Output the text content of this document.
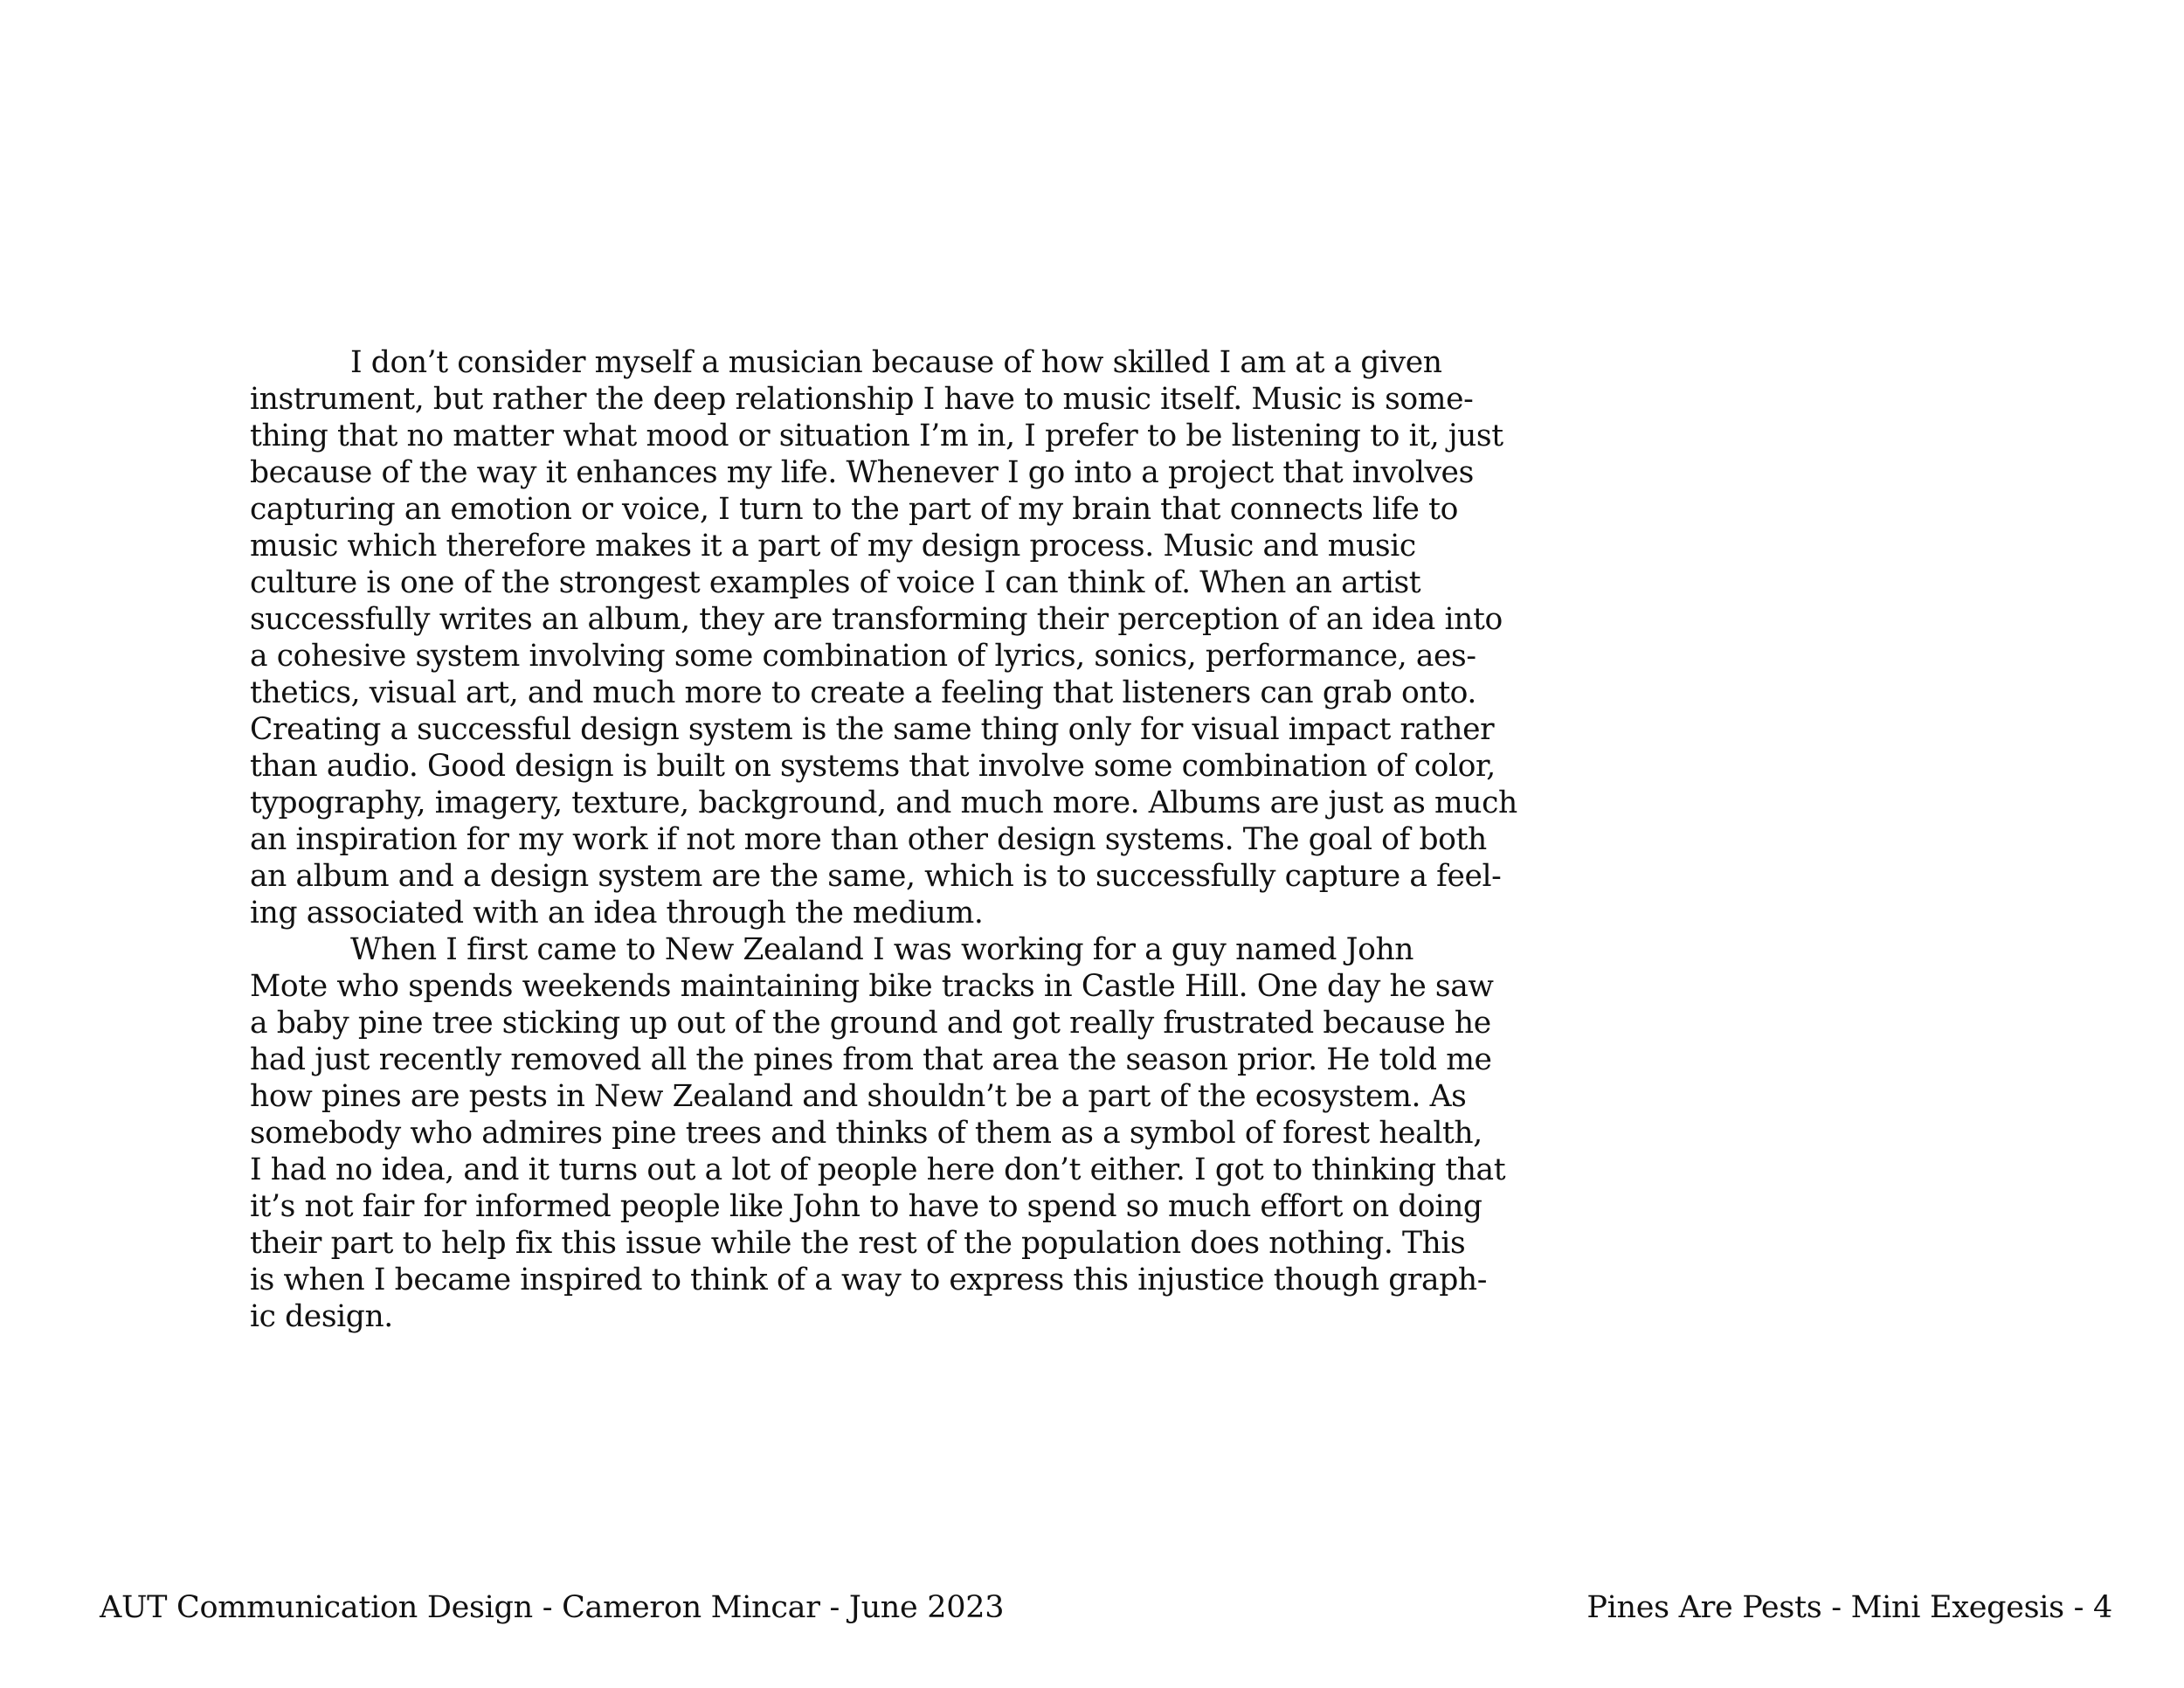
I don’t consider myself a musician because of how skilled I am at a given
instrument, but rather the deep relationship I have to music itself. Music is some-
thing that no matter what mood or situation I’m in, I prefer to be listening to it, just
because of the way it enhances my life. Whenever I go into a project that involves
capturing an emotion or voice, I turn to the part of my brain that connects life to
music which therefore makes it a part of my design process. Music and music
culture is one of the strongest examples of voice I can think of. When an artist
successfully writes an album, they are transforming their perception of an idea into
a cohesive system involving some combination of lyrics, sonics, performance, aes-
thetics, visual art, and much more to create a feeling that listeners can grab onto.
Creating a successful design system is the same thing only for visual impact rather
than audio. Good design is built on systems that involve some combination of color,
typography, imagery, texture, background, and much more. Albums are just as much
an inspiration for my work if not more than other design systems. The goal of both
an album and a design system are the same, which is to successfully capture a feel-
ing associated with an idea through the medium.
When I first came to New Zealand I was working for a guy named John
Mote who spends weekends maintaining bike tracks in Castle Hill. One day he saw
a baby pine tree sticking up out of the ground and got really frustrated because he
had just recently removed all the pines from that area the season prior. He told me
how pines are pests in New Zealand and shouldn’t be a part of the ecosystem. As
somebody who admires pine trees and thinks of them as a symbol of forest health,
I had no idea, and it turns out a lot of people here don’t either. I got to thinking that
it’s not fair for informed people like John to have to spend so much effort on doing
their part to help fix this issue while the rest of the population does nothing. This
is when I became inspired to think of a way to express this injustice though graph-
ic design.
AUT Communication Design - Cameron Mincar - June 2023	Pines Are Pests - Mini Exegesis - 4
